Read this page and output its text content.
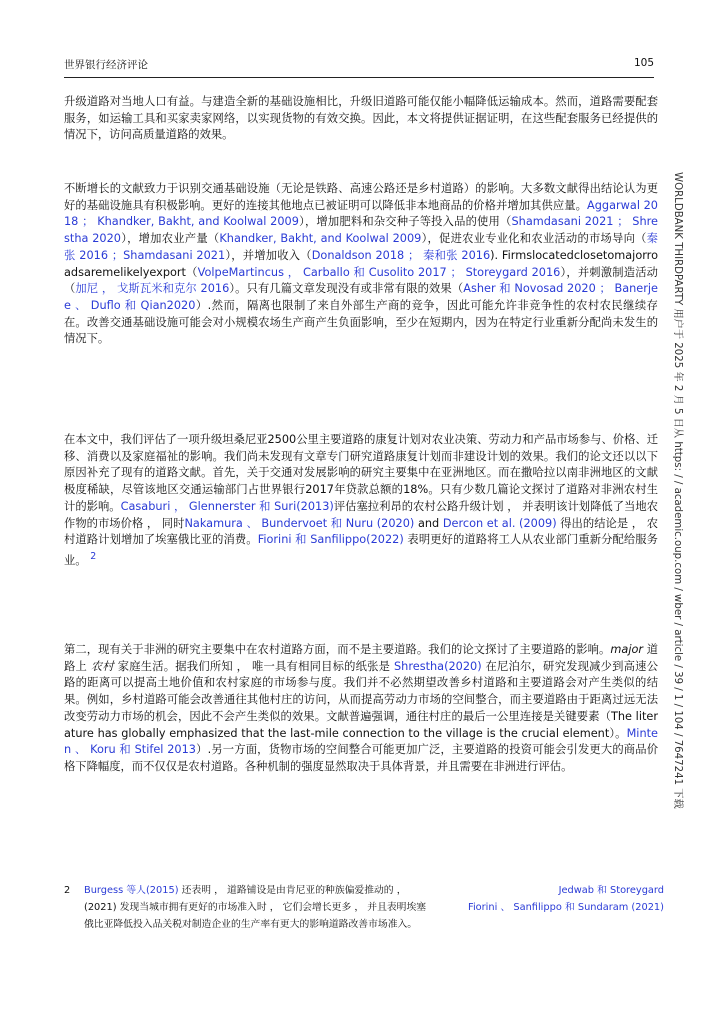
世界银行经济评论	105

升级道路对当地人口有益。与建造全新的基础设施相比，升级旧道路可能仅能小幅降低运输成本。然而，道路需要配套服务，如运输工具和买家卖家网络，以实现货物的有效交换。因此，本文将提供证据证明，在这些配套服务已经提供的情况下，访问高质量道路的效果。

不断增长的文献致力于识别交通基础设施（无论是铁路、高速公路还是乡村道路）的影响。大多数文献得出结论认为更好的基础设施具有积极影响。更好的连接其他地点已被证明可以降低非本地商品的价格并增加其供应量。Aggarwal 2018 ； Khandker, Bakht, and Koolwal 2009），增加肥料和杂交种子等投入品的使用（Shamdasani 2021 ； Shrestha 2020），增加农业产量（Khandker, Bakht, and Koolwal 2009），促进农业专业化和农业活动的市场导向（秦张 2016 ；Shamdasani 2021），并增加收入（Donaldson 2018 ； 秦和张 2016). Firmslocatedclosetomajorroadsaremelikelyexport（VolpeMartincus ， Carballo 和 Cusolito 2017 ； Storeygard 2016），并刺激制造活动（加尼 ， 戈斯瓦米和克尔 2016）。只有几篇文章发现没有或非常有限的效果（Asher 和 Novosad 2020 ； Banerje e 、 Duflo 和 Qian2020）.然而，隔离也限制了来自外部生产商的竞争，因此可能允许非竞争性的农村农民继续存在。改善交通基础设施可能会对小规模农场生产商产生负面影响，至少在短期内，因为在特定行业重新分配尚未发生的情况下。

在本文中，我们评估了一项升级坦桑尼亚2500公里主要道路的康复计划对农业决策、劳动力和产品市场参与、价格、迁移、消费以及家庭福祉的影响。我们尚未发现有文章专门研究道路康复计划而非建设计划的效果。我们的论文还以以下原因补充了现有的道路文献。首先，关于交通对发展影响的研究主要集中在亚洲地区。而在撒哈拉以南非洲地区的文献极度稀缺，尽管该地区交通运输部门占世界银行2017年贷款总额的18%。只有少数几篇论文探讨了道路对非洲农村生计的影响。Casaburi ， Glennerster 和 Suri(2013)评估塞拉利昂的农村公路升级计划 ， 并表明该计划降低了当地农作物的市场价格 ， 同时Nakamura 、 Bundervoet 和 Nuru (2020) and Dercon et al. (2009) 得出的结论是 ， 农村道路计划增加了埃塞俄比亚的消费。Fiorini 和 Sanfilippo(2022) 表明更好的道路将工人从农业部门重新分配给服务业。 $^2$

第二，现有关于非洲的研究主要集中在农村道路方面，而不是主要道路。我们的论文探讨了主要道路的影响。major 道路上 农村 家庭生活。据我们所知 ， 唯一具有相同目标的纸张是 Shrestha(2020) 在尼泊尔，研究发现减少到高速公路的距离可以提高土地价值和农村家庭的市场参与度。我们并不必然期望改善乡村道路和主要道路会对产生类似的结果。例如，乡村道路可能会改善通往其他村庄的访问，从而提高劳动力市场的空间整合，而主要道路由于距离过远无法改变劳动力市场的机会，因此不会产生类似的效果。文献普遍强调，通往村庄的最后一公里连接是关键要素（The literature has globally emphasized that the last-mile connection to the village is the crucial element）。Minten 、 Koru 和 Stifel 2013）.另一方面，货物市场的空间整合可能更加广泛，主要道路的投资可能会引发更大的商品价格下降幅度，而不仅仅是农村道路。各种机制的强度显然取决于具体背景，并且需要在非洲进行评估。	WORLDBANK THIRDPARTY 用户于 2025 年 2 月 5 日从 https: / / academic.oup.com / wber / article / 39 / 1 / 104 / 7647241 下载
2 Burgess 等人(2015) 还表明 ， 道路铺设是由肯尼亚的种族偏爱推动的 ，(2021) 发现当城市拥有更好的市场准入时 ， 它们会增长更多 ， 并且表明埃塞俄比亚降低投入品关税对制造企业的生产率有更大的影响道路改善市场准入。
Jedwab 和 Storeygard
Fiorini 、 Sanfilippo 和 Sundaram (2021)
